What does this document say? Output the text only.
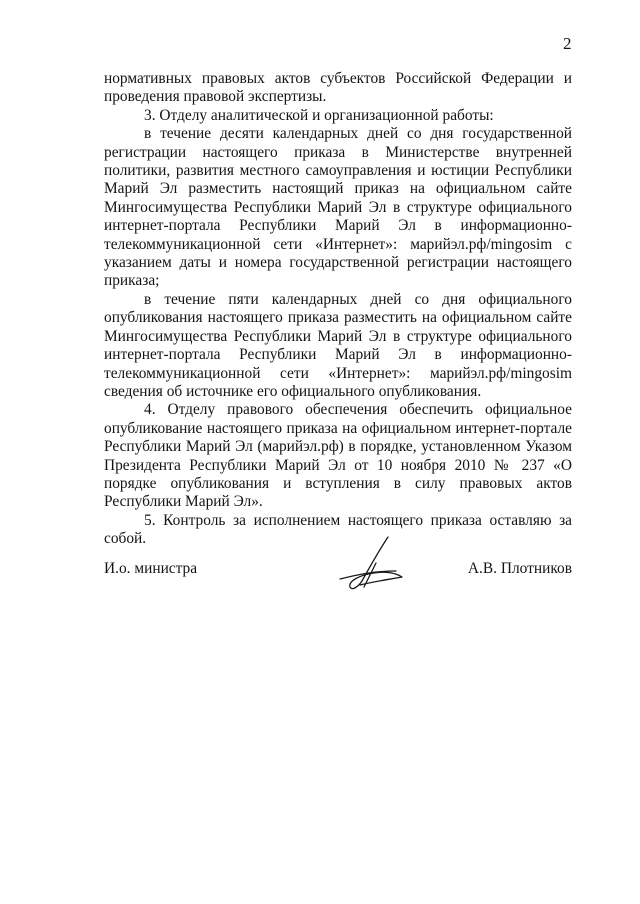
2

нормативных правовых актов субъектов Российской Федерации и проведения правовой экспертизы.

3. Отделу аналитической и организационной работы:

в течение десяти календарных дней со дня государственной регистрации настоящего приказа в Министерстве внутренней политики, развития местного самоуправления и юстиции Республики Марий Эл разместить настоящий приказ на официальном сайте Мингосимущества Республики Марий Эл в структуре официального интернет-портала Республики Марий Эл в информационно-телекоммуникационной сети «Интернет»: марийэл.рф/mingosim с указанием даты и номера государственной регистрации настоящего приказа;

в течение пяти календарных дней со дня официального опубликования настоящего приказа разместить на официальном сайте Мингосимущества Республики Марий Эл в структуре официального интернет-портала Республики Марий Эл в информационно-телекоммуникационной сети «Интернет»: марийэл.рф/mingosim сведения об источнике его официального опубликования.

4. Отделу правового обеспечения обеспечить официальное опубликование настоящего приказа на официальном интернет-портале Республики Марий Эл (марийэл.рф) в порядке, установленном Указом Президента Республики Марий Эл от 10 ноября 2010 № 237 «О порядке опубликования и вступления в силу правовых актов Республики Марий Эл».

5. Контроль за исполнением настоящего приказа оставляю за собой.

И.о. министра	А.В. Плотников
